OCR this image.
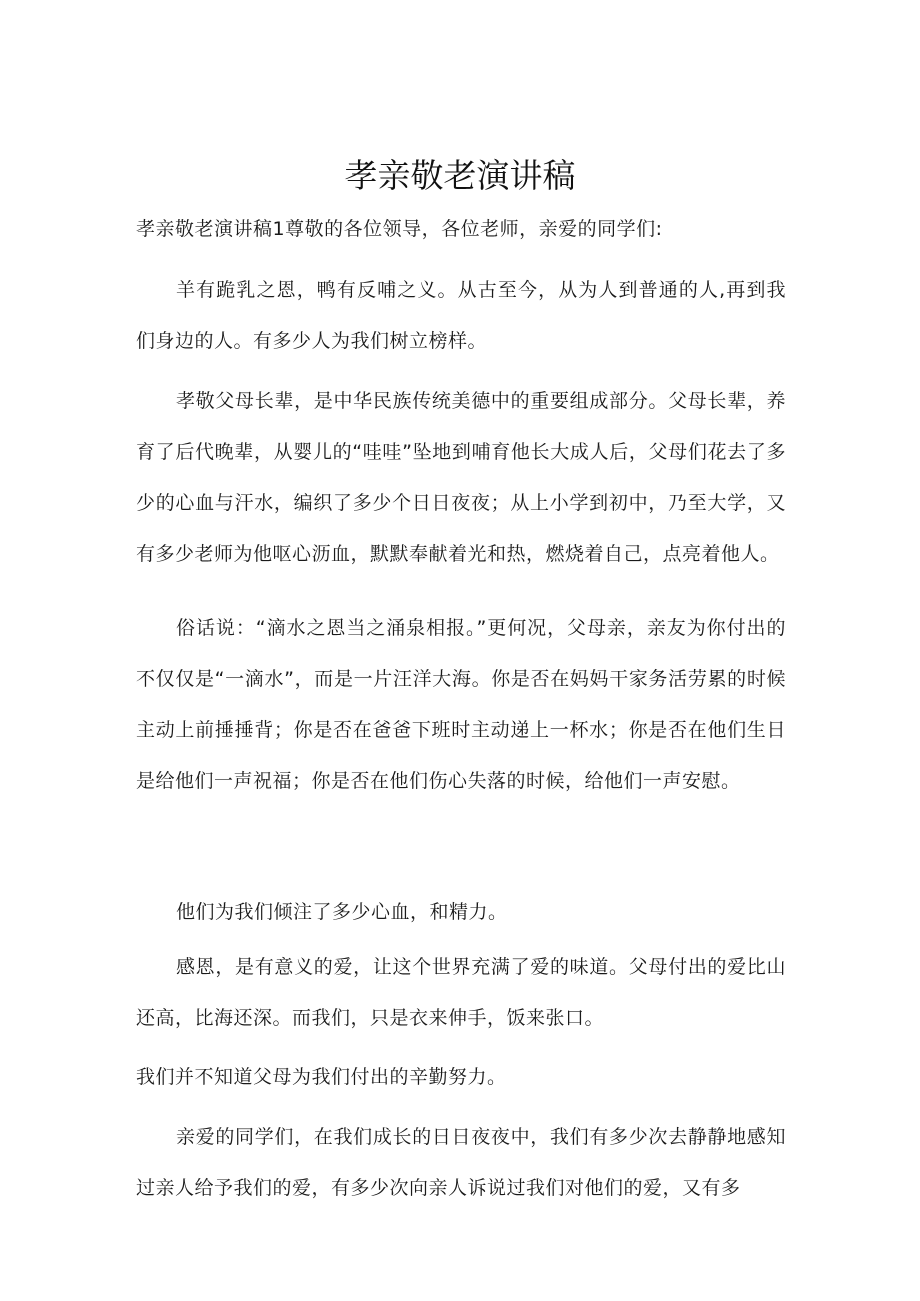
孝亲敬老演讲稿

孝亲敬老演讲稿1尊敬的各位领导，各位老师，亲爱的同学们:

羊有跪乳之恩，鸭有反哺之义。从古至今，从为人到普通的人,再到我们身边的人。有多少人为我们树立榜样。

孝敬父母长辈，是中华民族传统美德中的重要组成部分。父母长辈，养育了后代晚辈，从婴儿的“哇哇”坠地到哺育他长大成人后，父母们花去了多少的心血与汗水，编织了多少个日日夜夜；从上小学到初中，乃至大学，又有多少老师为他呕心沥血，默默奉献着光和热，燃烧着自己，点亮着他人。

俗话说：“滴水之恩当之涌泉相报。”更何况，父母亲，亲友为你付出的不仅仅是“一滴水”，而是一片汪洋大海。你是否在妈妈干家务活劳累的时候主动上前捶捶背；你是否在爸爸下班时主动递上一杯水；你是否在他们生日是给他们一声祝福；你是否在他们伤心失落的时候，给他们一声安慰。

他们为我们倾注了多少心血，和精力。

感恩，是有意义的爱，让这个世界充满了爱的味道。父母付出的爱比山还高，比海还深。而我们，只是衣来伸手，饭来张口。

我们并不知道父母为我们付出的辛勤努力。

亲爱的同学们，在我们成长的日日夜夜中，我们有多少次去静静地感知过亲人给予我们的爱，有多少次向亲人诉说过我们对他们的爱，又有多
